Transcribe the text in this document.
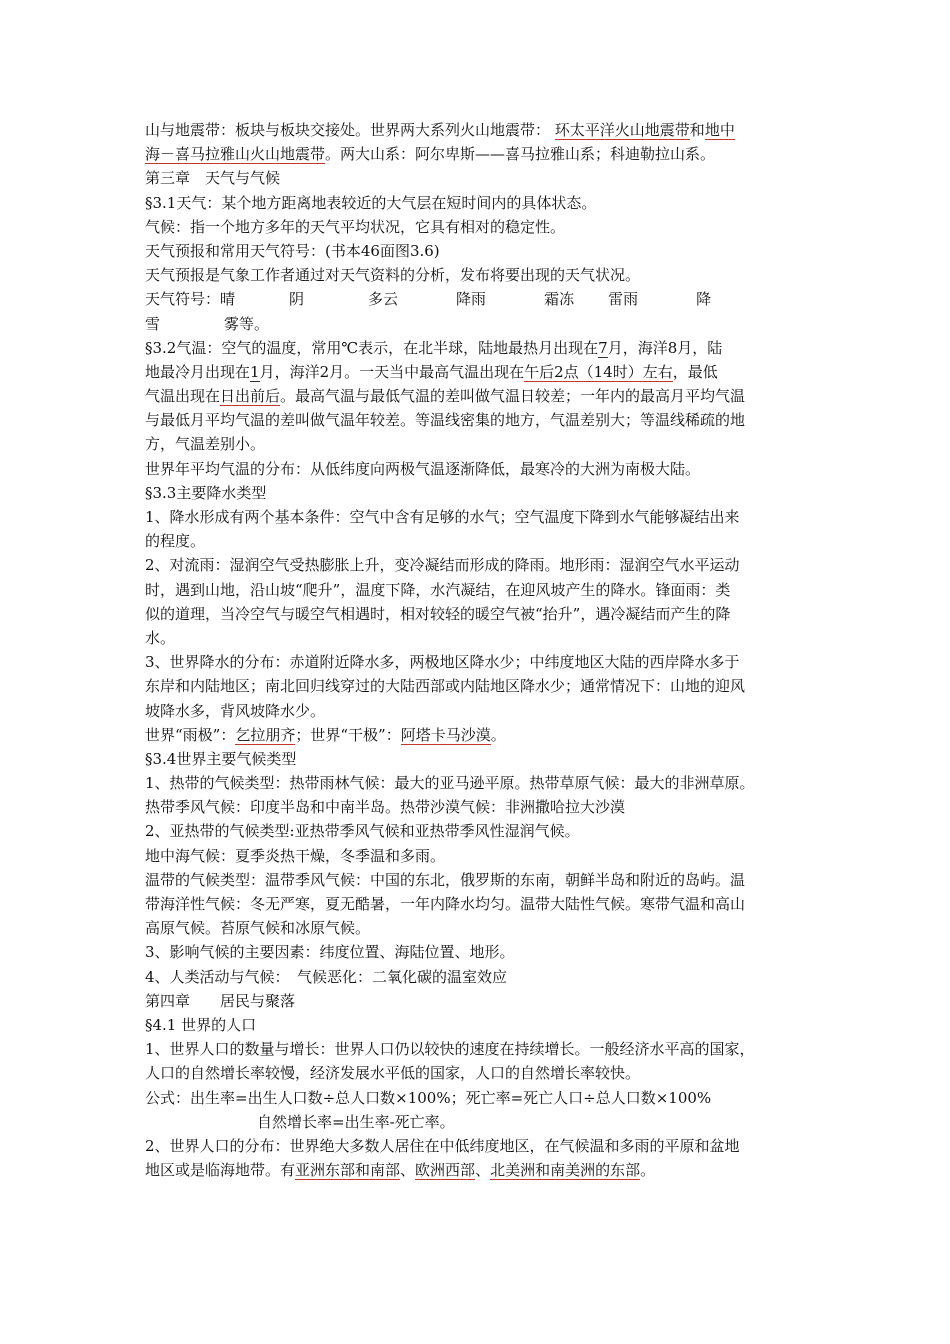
山与地震带：板块与板块交接处。世界两大系列火山地震带： 环太平洋火山地震带和地中
海－喜马拉雅山火山地震带。两大山系：阿尔卑斯——喜马拉雅山系；科迪勒拉山系。
第三章　天气与气候
§3.1天气：某个地方距离地表较近的大气层在短时间内的具体状态。
气候：指一个地方多年的天气平均状况，它具有相对的稳定性。
天气预报和常用天气符号：(书本46面图3.6)
天气预报是气象工作者通过对天气资料的分析，发布将要出现的天气状况。
天气符号：晴	阴	多云	降雨	霜冻 雷雨	降
雪	雾等。
§3.2气温：空气的温度，常用℃表示，在北半球，陆地最热月出现在7月，海洋8月，陆
地最冷月出现在1月，海洋2月。一天当中最高气温出现在午后2点（14时）左右，最低
气温出现在日出前后。最高气温与最低气温的差叫做气温日较差；一年内的最高月平均气温
与最低月平均气温的差叫做气温年较差。等温线密集的地方，气温差别大；等温线稀疏的地
方，气温差别小。
世界年平均气温的分布：从低纬度向两极气温逐渐降低，最寒冷的大洲为南极大陆。
§3.3主要降水类型
1、降水形成有两个基本条件：空气中含有足够的水气；空气温度下降到水气能够凝结出来
的程度。
2、对流雨：湿润空气受热膨胀上升，变冷凝结而形成的降雨。地形雨：湿润空气水平运动
时，遇到山地，沿山坡“爬升”，温度下降，水汽凝结，在迎风坡产生的降水。锋面雨：类
似的道理，当冷空气与暖空气相遇时，相对较轻的暖空气被“抬升”，遇冷凝结而产生的降
水。
3、世界降水的分布：赤道附近降水多，两极地区降水少；中纬度地区大陆的西岸降水多于
东岸和内陆地区；南北回归线穿过的大陆西部或内陆地区降水少；通常情况下：山地的迎风
坡降水多，背风坡降水少。
世界“雨极”：乞拉朋齐；世界“干极”：阿塔卡马沙漠。
§3.4世界主要气候类型
1、热带的气候类型：热带雨林气候：最大的亚马逊平原。热带草原气候：最大的非洲草原。
热带季风气候：印度半岛和中南半岛。热带沙漠气候：非洲撒哈拉大沙漠
2、亚热带的气候类型:亚热带季风气候和亚热带季风性湿润气候。
地中海气候：夏季炎热干燥，冬季温和多雨。
温带的气候类型：温带季风气候：中国的东北，俄罗斯的东南，朝鲜半岛和附近的岛屿。温
带海洋性气候：冬无严寒，夏无酷暑，一年内降水均匀。温带大陆性气候。寒带气温和高山
高原气候。苔原气候和冰原气候。
3、影响气候的主要因素：纬度位置、海陆位置、地形。
4、人类活动与气候：　气候恶化：二氧化碳的温室效应
第四章　　居民与聚落
§4.1 世界的人口
1、世界人口的数量与增长：世界人口仍以较快的速度在持续增长。一般经济水平高的国家，
人口的自然增长率较慢，经济发展水平低的国家，人口的自然增长率较快。
公式：出生率=出生人口数÷总人口数×100%；死亡率=死亡人口÷总人口数×100%
自然增长率=出生率-死亡率。
2、世界人口的分布：世界绝大多数人居住在中低纬度地区，在气候温和多雨的平原和盆地
地区或是临海地带。有亚洲东部和南部、欧洲西部、北美洲和南美洲的东部。
